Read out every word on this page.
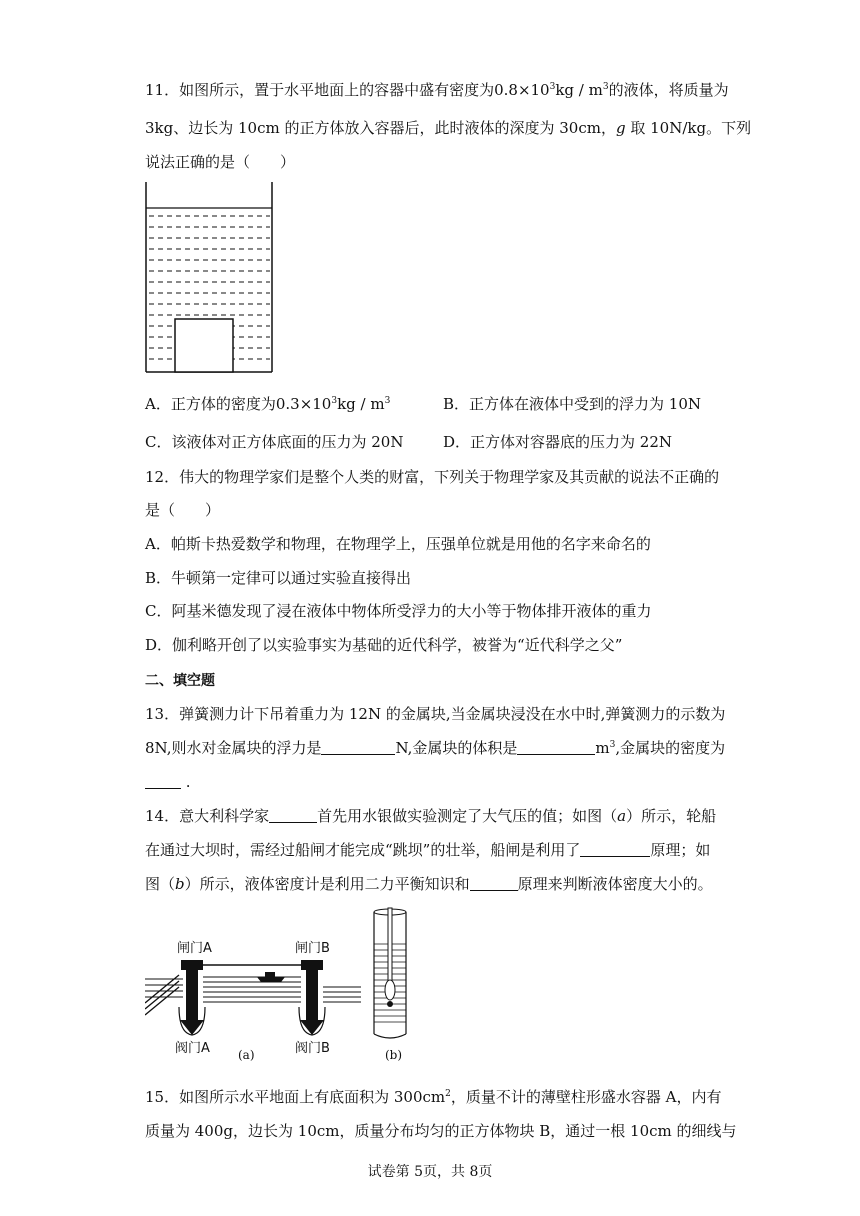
11．如图所示，置于水平地面上的容器中盛有密度为$0.8\times 10^3kg / m^3$的液体，将质量为
3kg、边长为 10cm 的正方体放入容器后，此时液体的深度为 30cm，g 取 10N/kg。下列
说法正确的是（　　）
A．正方体的密度为$0.3\times 10^3kg / m^3$	B．正方体在液体中受到的浮力为 10N
C．该液体对正方体底面的压力为 20N	D．正方体对容器底的压力为 22N
12．伟大的物理学家们是整个人类的财富，下列关于物理学家及其贡献的说法不正确的
是（　　）
A．帕斯卡热爱数学和物理，在物理学上，压强单位就是用他的名字来命名的
B．牛顿第一定律可以通过实验直接得出
C．阿基米德发现了浸在液体中物体所受浮力的大小等于物体排开液体的重力
D．伽利略开创了以实验事实为基础的近代科学，被誉为“近代科学之父”
二、填空题
13．弹簧测力计下吊着重力为 12N 的金属块,当金属块浸没在水中时,弹簧测力的示数为
8N,则水对金属块的浮力是	N,金属块的体积是	$m^3$,金属块的密度为
.
14．意大利科学家	首先用水银做实验测定了大气压的值；如图（a）所示，轮船
在通过大坝时，需经过船闸才能完成“跳坝”的壮举，船闸是利用了	原理；如
图（b）所示，液体密度计是利用二力平衡知识和	原理来判断液体密度大小的。
闸门A	闸门B
阀门A	阀门B
(a)	(b)
15．如图所示水平地面上有底面积为 $300cm^2$，质量不计的薄壁柱形盛水容器 A，内有
质量为 400g，边长为 10cm，质量分布均匀的正方体物块 B，通过一根 10cm 的细线与
试卷第 5页，共 8页
